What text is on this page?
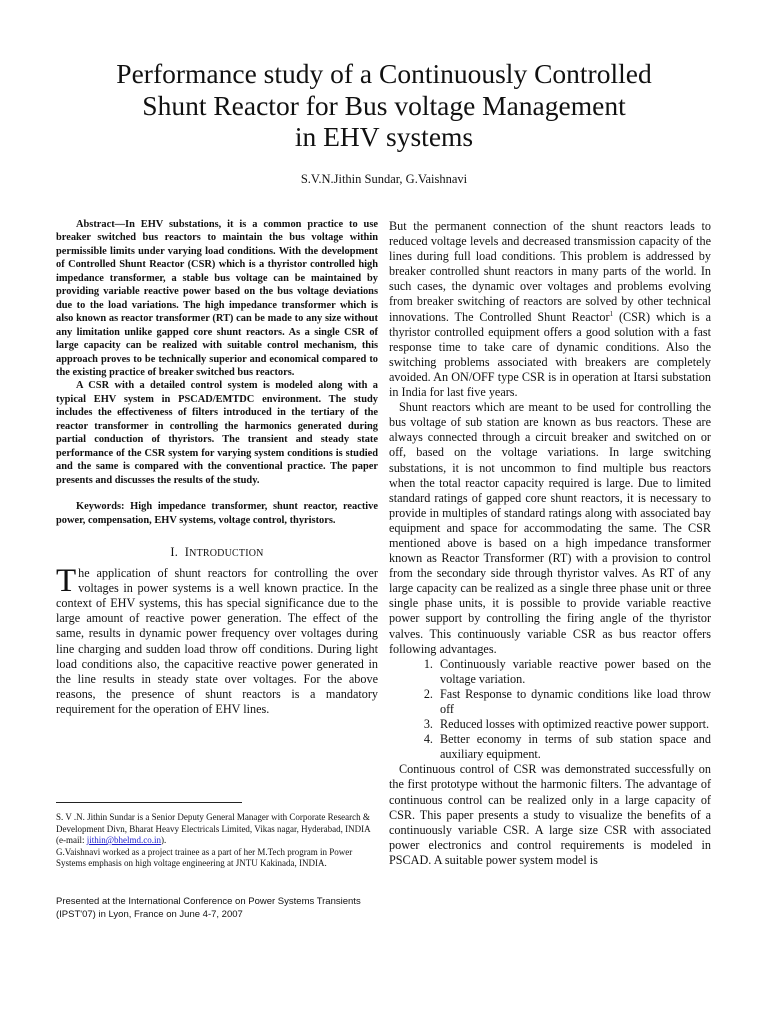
Performance study of a Continuously Controlled
Shunt Reactor for Bus voltage Management
in EHV systems
S.V.N.Jithin Sundar, G.Vaishnavi

Abstract—In EHV substations, it is a common practice to use breaker switched bus reactors to maintain the bus voltage within permissible limits under varying load conditions. With the development of Controlled Shunt Reactor (CSR) which is a thyristor controlled high impedance transformer, a stable bus voltage can be maintained by providing variable reactive power based on the bus voltage deviations due to the load variations. The high impedance transformer which is also known as reactor transformer (RT) can be made to any size without any limitation unlike gapped core shunt reactors. As a single CSR of large capacity can be realized with suitable control mechanism, this approach proves to be technically superior and economical compared to the existing practice of breaker switched bus reactors.

A CSR with a detailed control system is modeled along with a typical EHV system in PSCAD/EMTDC environment. The study includes the effectiveness of filters introduced in the tertiary of the reactor transformer in controlling the harmonics generated during partial conduction of thyristors. The transient and steady state performance of the CSR system for varying system conditions is studied and the same is compared with the conventional practice. The paper presents and discusses the results of the study.

Keywords: High impedance transformer, shunt reactor, reactive power, compensation, EHV systems, voltage control, thyristors.
I. INTRODUCTION

The application of shunt reactors for controlling the over voltages in power systems is a well known practice. In the context of EHV systems, this has special significance due to the large amount of reactive power generation. The effect of the same, results in dynamic power frequency over voltages during line charging and sudden load throw off conditions. During light load conditions also, the capacitive reactive power generated in the line results in steady state over voltages. For the above reasons, the presence of shunt reactors is a mandatory requirement for the operation of EHV lines.

S. V .N. Jithin Sundar is a Senior Deputy General Manager with Corporate Research & Development Divn, Bharat Heavy Electricals Limited, Vikas nagar, Hyderabad, INDIA (e-mail: jithin@bhelmd.co.in).

G.Vaishnavi worked as a project trainee as a part of her M.Tech program in Power Systems emphasis on high voltage engineering at JNTU Kakinada, INDIA.

Presented at the International Conference on Power Systems Transients (IPST'07) in Lyon, France on June 4-7, 2007

But the permanent connection of the shunt reactors leads to reduced voltage levels and decreased transmission capacity of the lines during full load conditions. This problem is addressed by breaker controlled shunt reactors in many parts of the world. In such cases, the dynamic over voltages and problems evolving from breaker switching of reactors are solved by other technical innovations. The Controlled Shunt Reactor$^1$ (CSR) which is a thyristor controlled equipment offers a good solution with a fast response time to take care of dynamic conditions. Also the switching problems associated with breakers are completely avoided. An ON/OFF type CSR is in operation at Itarsi substation in India for last five years.

Shunt reactors which are meant to be used for controlling the bus voltage of sub station are known as bus reactors. These are always connected through a circuit breaker and switched on or off, based on the voltage variations. In large switching substations, it is not uncommon to find multiple bus reactors when the total reactor capacity required is large. Due to limited standard ratings of gapped core shunt reactors, it is necessary to provide in multiples of standard ratings along with associated bay equipment and space for accommodating the same. The CSR mentioned above is based on a high impedance transformer known as Reactor Transformer (RT) with a provision to control from the secondary side through thyristor valves. As RT of any large capacity can be realized as a single three phase unit or three single phase units, it is possible to provide variable reactive power support by controlling the firing angle of the thyristor valves. This continuously variable CSR as bus reactor offers following advantages.

1. Continuously variable reactive power based on the voltage variation.
2. Fast Response to dynamic conditions like load throw off
3. Reduced losses with optimized reactive power support.
4. Better economy in terms of sub station space and auxiliary equipment.

Continuous control of CSR was demonstrated successfully on the first prototype without the harmonic filters. The advantage of continuous control can be realized only in a large capacity of CSR. This paper presents a study to visualize the benefits of a continuously variable CSR. A large size CSR with associated power electronics and control requirements is modeled in PSCAD. A suitable power system model is
